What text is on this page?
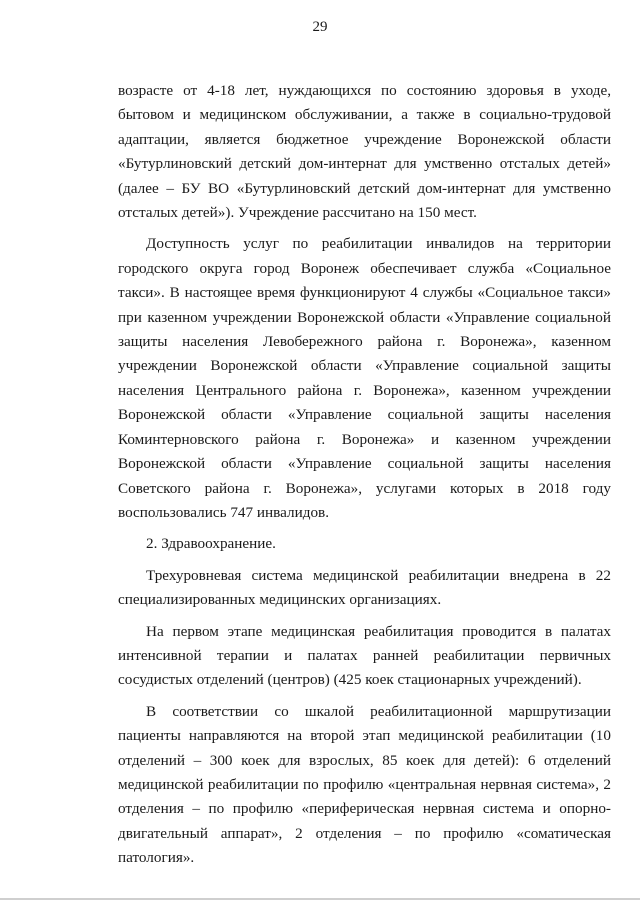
29

возрасте от 4-18 лет, нуждающихся по состоянию здоровья в уходе, бытовом и медицинском обслуживании, а также в социально-трудовой адаптации, является бюджетное учреждение Воронежской области «Бутурлиновский детский дом-интернат для умственно отсталых детей» (далее – БУ ВО «Бутурлиновский детский дом-интернат для умственно отсталых детей»). Учреждение рассчитано на 150 мест.

Доступность услуг по реабилитации инвалидов на территории городского округа город Воронеж обеспечивает служба «Социальное такси». В настоящее время функционируют 4 службы «Социальное такси» при казенном учреждении Воронежской области «Управление социальной защиты населения Левобережного района г. Воронежа», казенном учреждении Воронежской области «Управление социальной защиты населения Центрального района г. Воронежа», казенном учреждении Воронежской области «Управление социальной защиты населения Коминтерновского района г. Воронежа» и казенном учреждении Воронежской области «Управление социальной защиты населения Советского района г. Воронежа», услугами которых в 2018 году воспользовались 747 инвалидов.

2. Здравоохранение.

Трехуровневая система медицинской реабилитации внедрена в 22 специализированных медицинских организациях.

На первом этапе медицинская реабилитация проводится в палатах интенсивной терапии и палатах ранней реабилитации первичных сосудистых отделений (центров) (425 коек стационарных учреждений).

В соответствии со шкалой реабилитационной маршрутизации пациенты направляются на второй этап медицинской реабилитации (10 отделений – 300 коек для взрослых, 85 коек для детей): 6 отделений медицинской реабилитации по профилю «центральная нервная система», 2 отделения – по профилю «периферическая нервная система и опорно-двигательный аппарат», 2 отделения – по профилю «соматическая патология».
